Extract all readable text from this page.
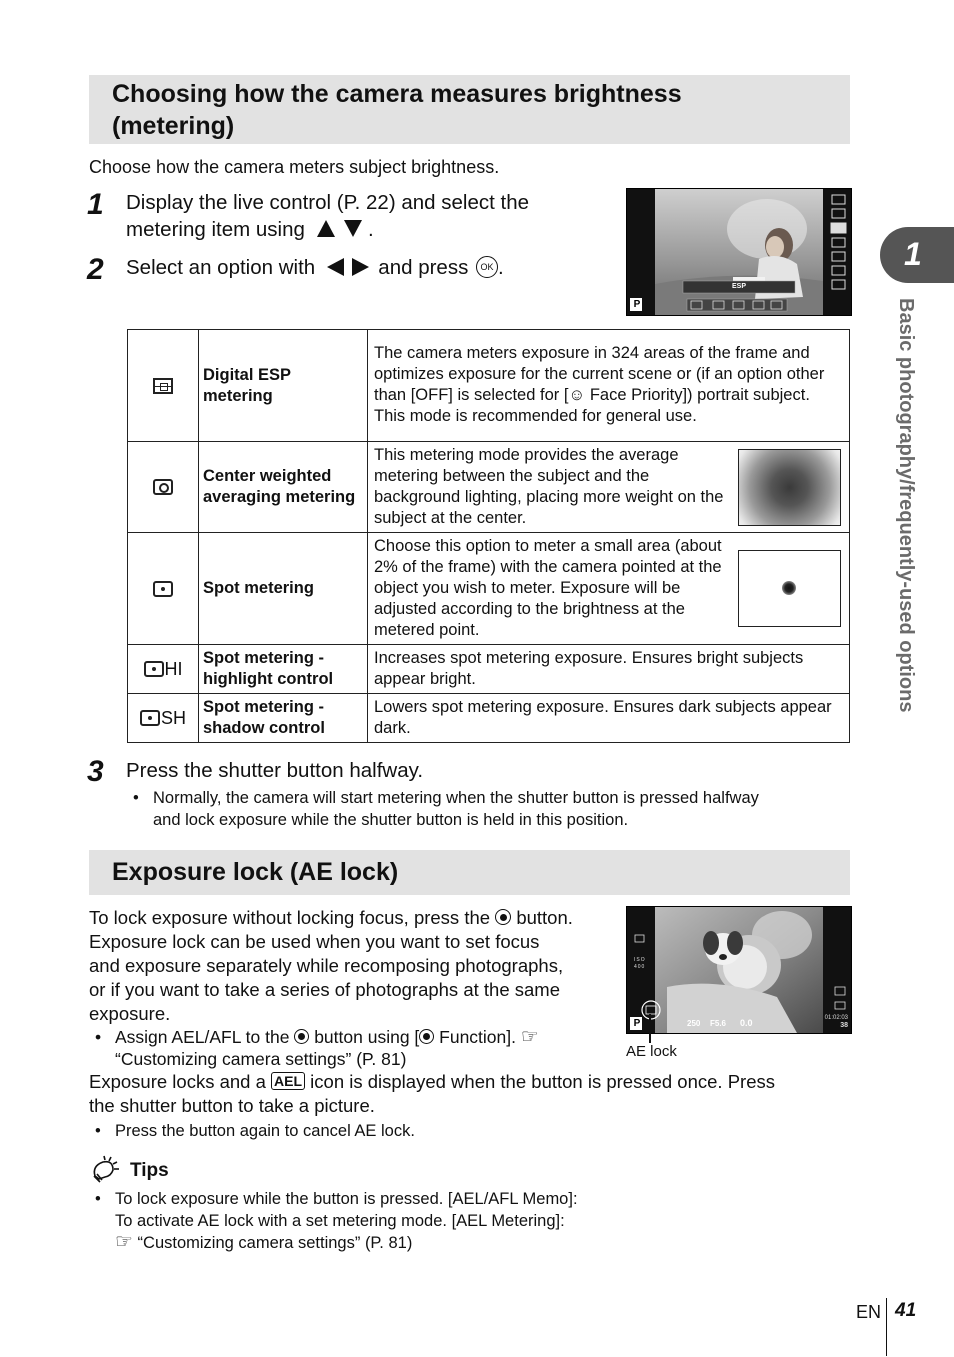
Choosing how the camera measures brightness
(metering)
Choose how the camera meters subject brightness.
1 Display the live control (P. 22) and select the
metering item using	.
2 Select an option with	and press OK .
ESP
P
	Digital ESP metering	The camera meters exposure in 324 areas of the frame and optimizes exposure for the current scene or (if an option other than [OFF] is selected for [☺ Face Priority]) portrait subject. This mode is recommended for general use.

	Center weighted averaging metering	This metering mode provides the average metering between the subject and the background lighting, placing more weight on the subject at the center.

	Spot metering	Choose this option to meter a small area (about 2% of the frame) with the camera pointed at the object you wish to meter. Exposure will be adjusted according to the brightness at the metered point.

HI	Spot metering - highlight control	Increases spot metering exposure. Ensures bright subjects appear bright.

SH	Spot metering - shadow control	Lowers spot metering exposure. Ensures dark subjects appear dark.
3 Press the shutter button halfway.
• Normally, the camera will start metering when the shutter button is pressed halfway
and lock exposure while the shutter button is held in this position.
Exposure lock (AE lock)
To lock exposure without locking focus, press the button.
Exposure lock can be used when you want to set focus
and exposure separately while recomposing photographs,
or if you want to take a series of photographs at the same
exposure.
• Assign AEL/AFL to the button using [ Function]. ☞
“Customizing camera settings” (P. 81)
Exposure locks and a AEL icon is displayed when the button is pressed once. Press
the shutter button to take a picture.
• Press the button again to cancel AE lock.
P
ISO
400
250 F5.6 0.0	01:02:03
38
AE lock
Tips
• To lock exposure while the button is pressed. [AEL/AFL Memo]:
To activate AE lock with a set metering mode. [AEL Metering]:
☞ “Customizing camera settings” (P. 81)
1
Basic photography/frequently-used options
EN 41
